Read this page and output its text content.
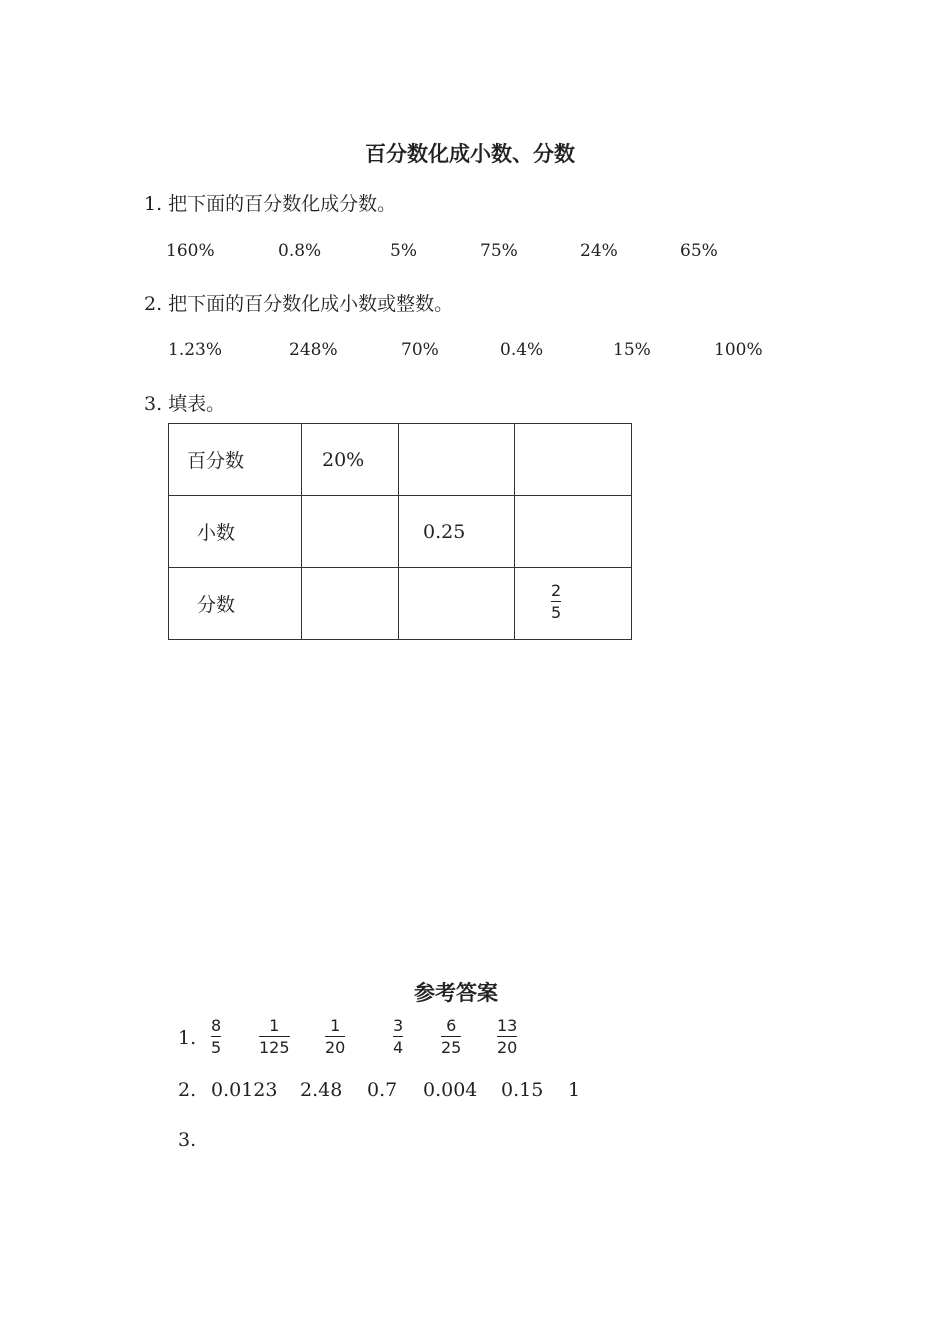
百分数化成小数、分数
1. 把下面的百分数化成分数。
160%	0.8%	5%	75%	24%	65%
2. 把下面的百分数化成小数或整数。
1.23%	248%	70%	0.4%	15%	100%
3. 填表。
百分数	20%		
小数		0.25	
分数			2
5
参考答案
1.
8
5
1
125
1
20
3
4
6
25
13
20
2. 0.0123 2.48 0.7 0.004 0.15 1
3.
